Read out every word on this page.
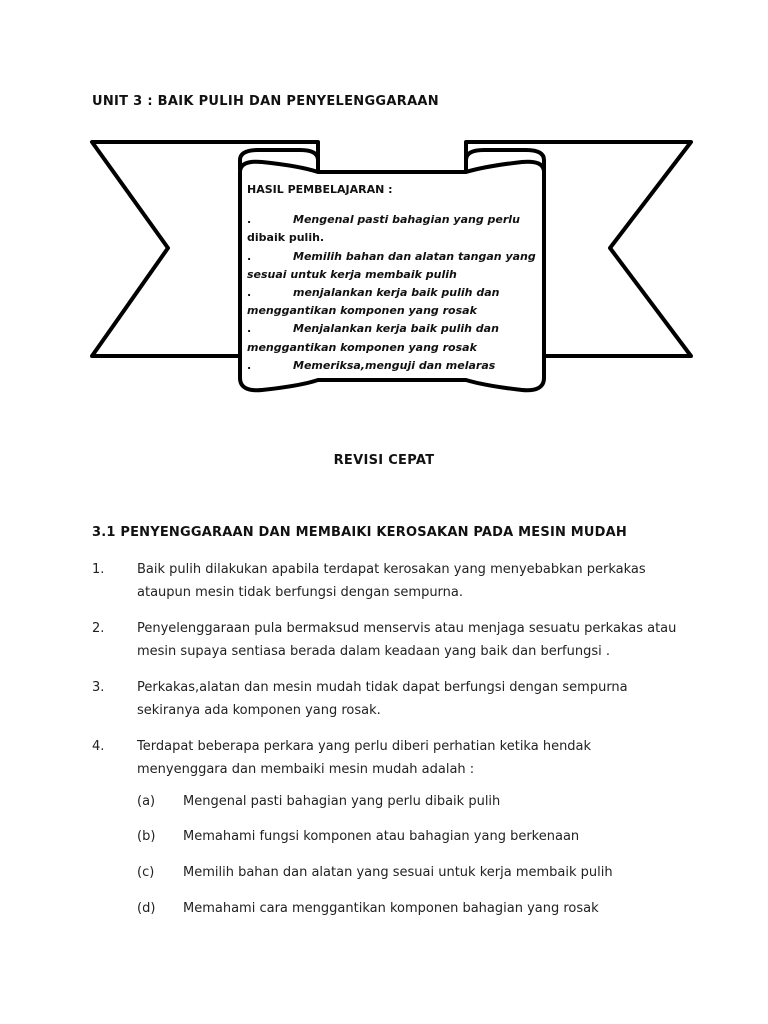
UNIT 3 : BAIK PULIH DAN PENYELENGGARAAN
HASIL PEMBELAJARAN :
.	Mengenal pasti bahagian yang perlu
dibaik pulih.
.	Memilih bahan dan alatan tangan yang
sesuai untuk kerja membaik pulih
.	menjalankan kerja baik pulih dan
menggantikan komponen yang rosak
.	Menjalankan kerja baik pulih dan
menggantikan komponen yang rosak
.	Memeriksa,menguji dan melaras
REVISI CEPAT
3.1 PENYENGGARAAN DAN MEMBAIKI KEROSAKAN PADA MESIN MUDAH
1.	Baik pulih dilakukan apabila terdapat kerosakan yang menyebabkan perkakas
ataupun mesin tidak berfungsi dengan sempurna.
2.	Penyelenggaraan pula bermaksud menservis atau menjaga sesuatu perkakas atau
mesin supaya sentiasa berada dalam keadaan yang baik dan berfungsi .
3.	Perkakas,alatan dan mesin mudah tidak dapat berfungsi dengan sempurna
sekiranya ada komponen yang rosak.
4.	Terdapat beberapa perkara yang perlu diberi perhatian ketika hendak
menyenggara dan membaiki mesin mudah adalah :
(a) Mengenal pasti bahagian yang perlu dibaik pulih
(b) Memahami fungsi komponen atau bahagian yang berkenaan
(c) Memilih bahan dan alatan yang sesuai untuk kerja membaik pulih
(d) Memahami cara menggantikan komponen bahagian yang rosak
